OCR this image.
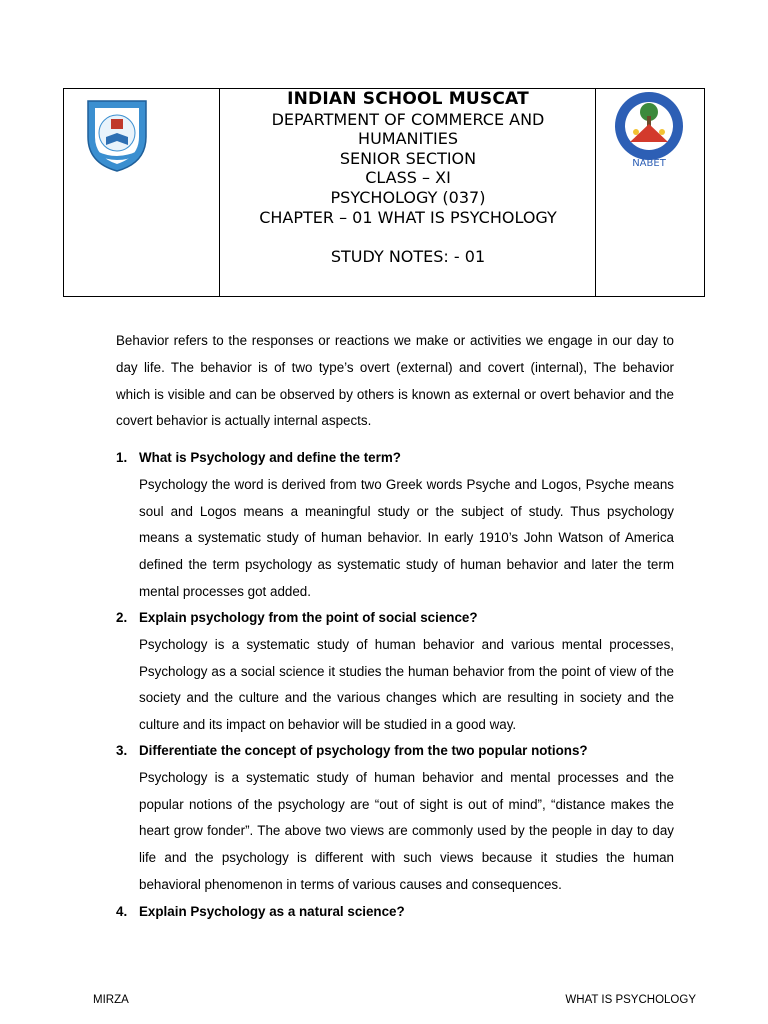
INDIAN SCHOOL MUSCAT
DEPARTMENT OF COMMERCE AND
HUMANITIES
SENIOR SECTION
CLASS – XI
PSYCHOLOGY (037)
CHAPTER – 01 WHAT IS PSYCHOLOGY
STUDY NOTES: - 01
NABET
Behavior refers to the responses or reactions we make or activities we engage in our day to day life. The behavior is of two type’s overt (external) and covert (internal), The behavior which is visible and can be observed by others is known as external or overt behavior and the covert behavior is actually internal aspects.
1. What is Psychology and define the term?
Psychology the word is derived from two Greek words Psyche and Logos, Psyche means soul and Logos means a meaningful study or the subject of study. Thus psychology means a systematic study of human behavior. In early 1910’s John Watson of America defined the term psychology as systematic study of human behavior and later the term mental processes got added.
2. Explain psychology from the point of social science?
Psychology is a systematic study of human behavior and various mental processes, Psychology as a social science it studies the human behavior from the point of view of the society and the culture and the various changes which are resulting in society and the culture and its impact on behavior will be studied in a good way.
3. Differentiate the concept of psychology from the two popular notions?
Psychology is a systematic study of human behavior and mental processes and the popular notions of the psychology are “out of sight is out of mind”, “distance makes the heart grow fonder”. The above two views are commonly used by the people in day to day life and the psychology is different with such views because it studies the human behavioral phenomenon in terms of various causes and consequences.
4. Explain Psychology as a natural science?
MIRZA	WHAT IS PSYCHOLOGY
